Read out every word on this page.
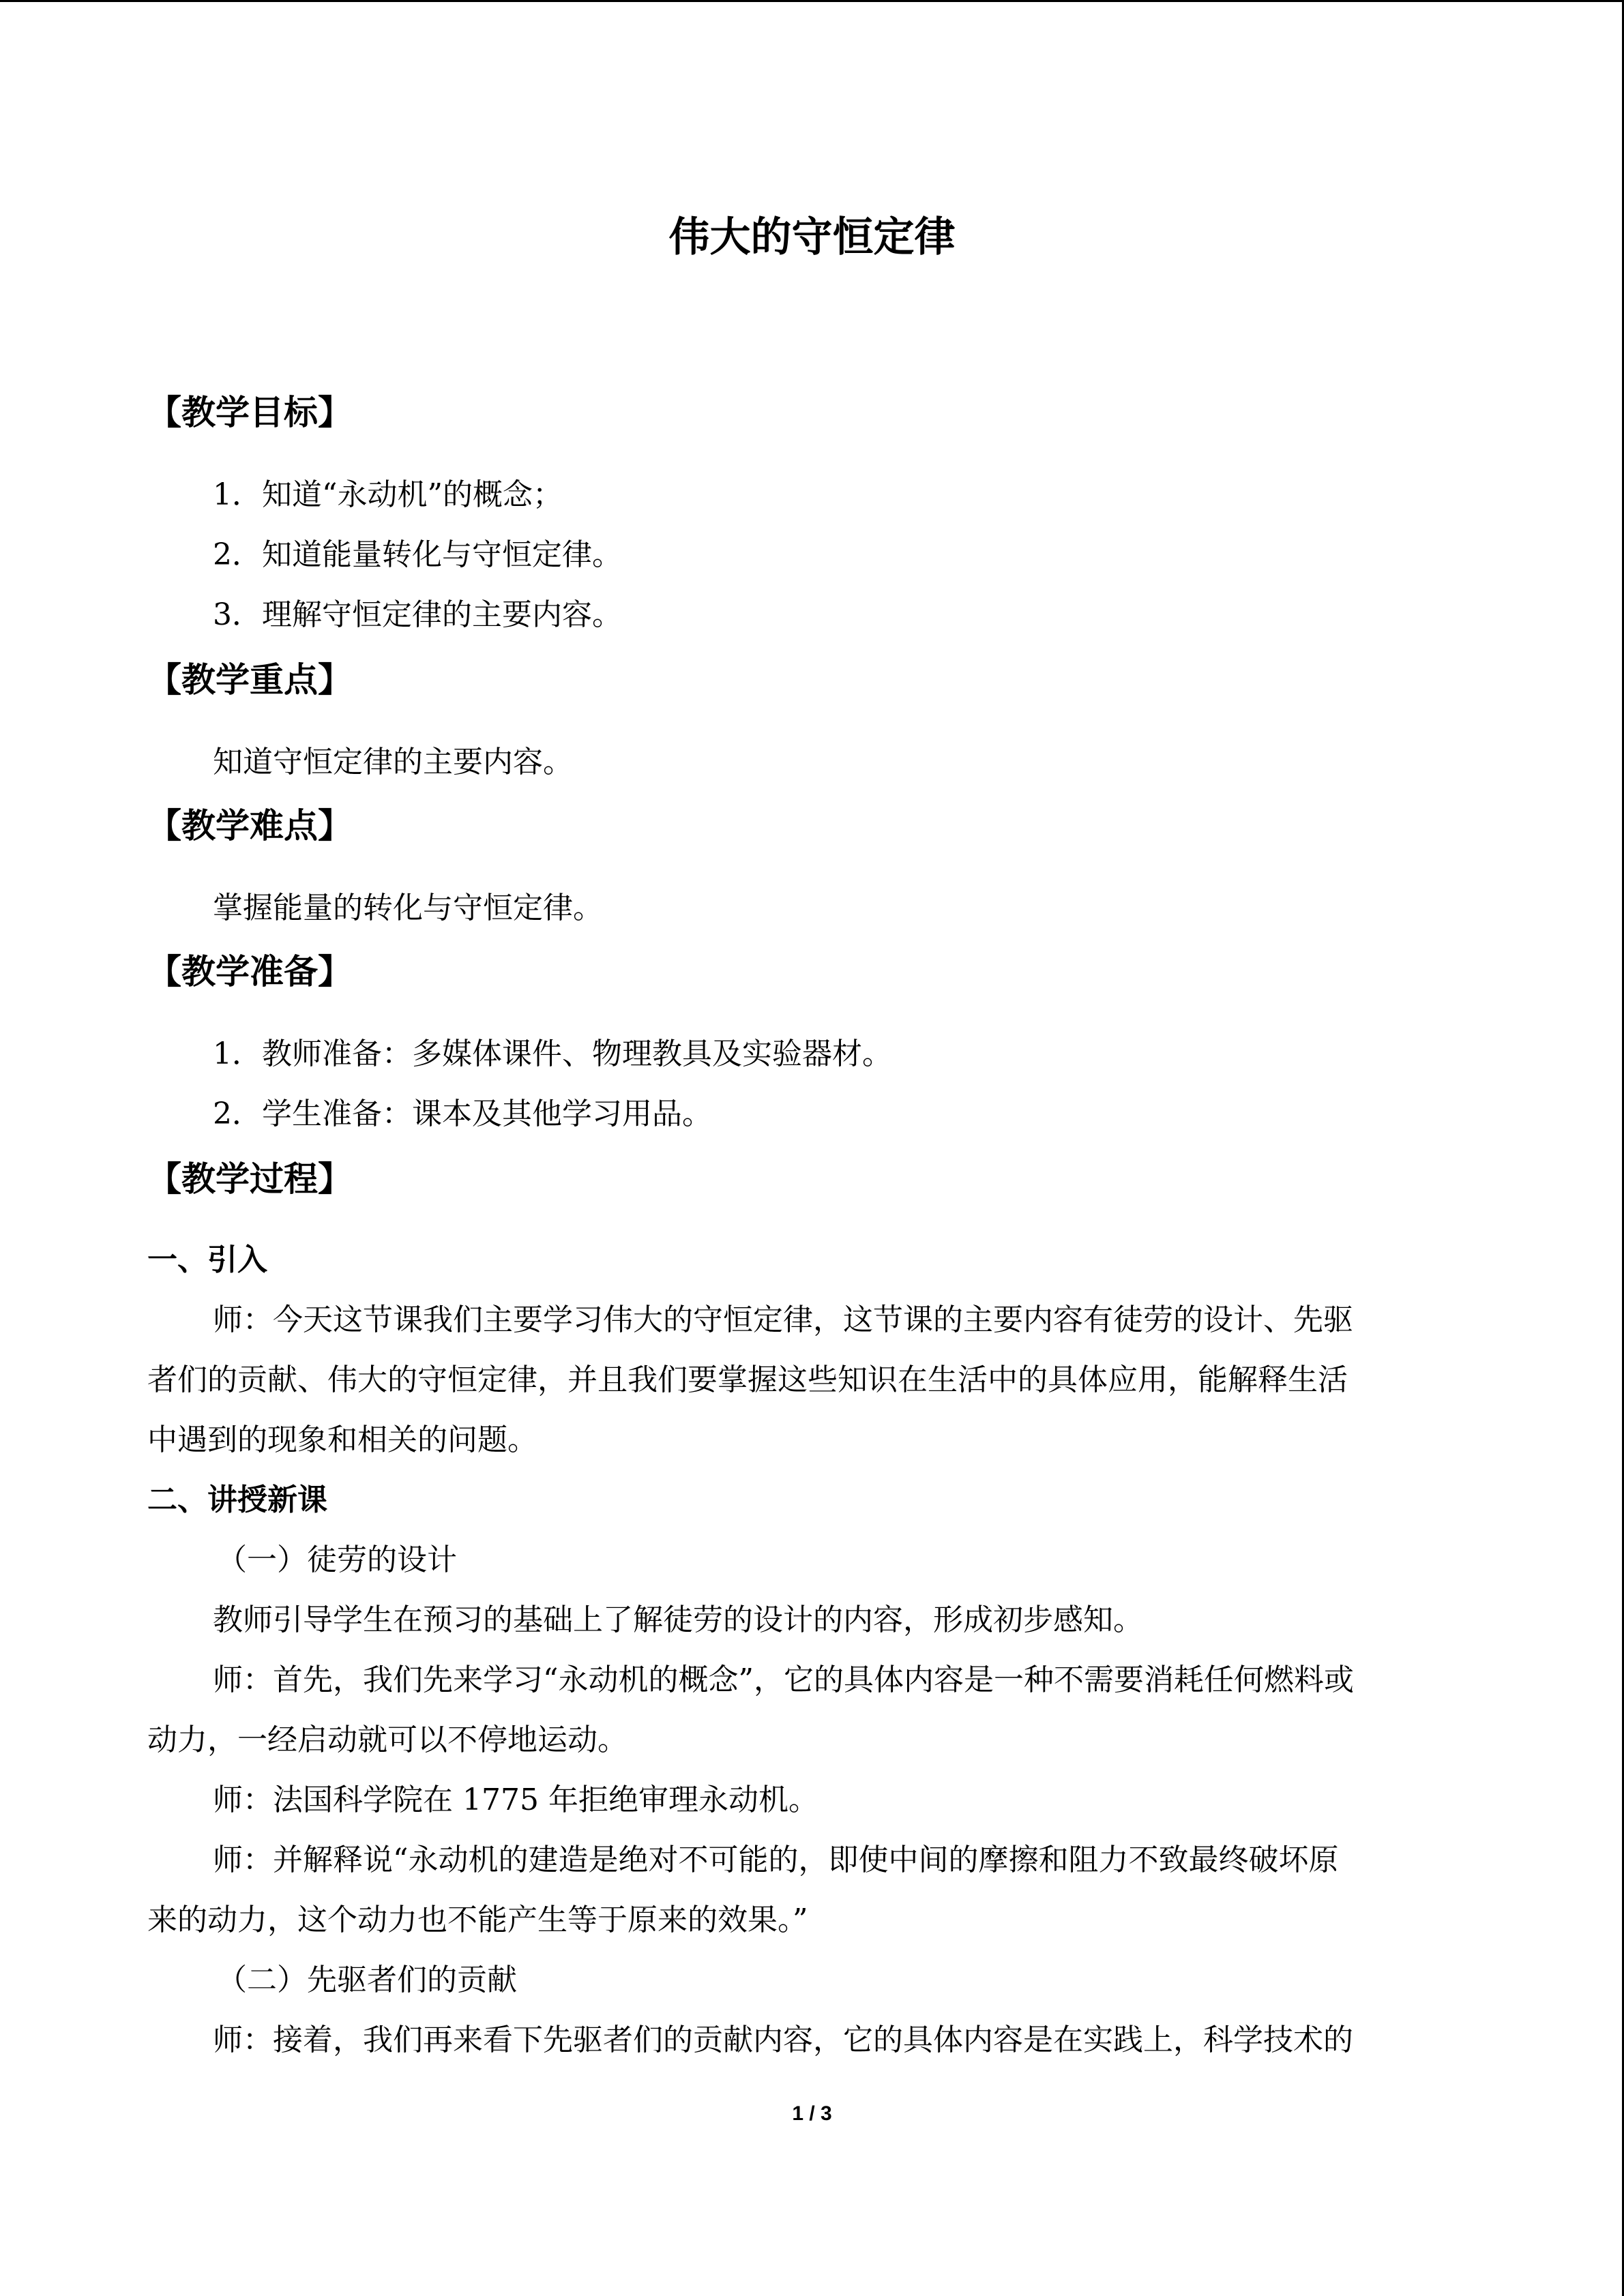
伟大的守恒定律
【教学目标】
1．知道“永动机”的概念；
2．知道能量转化与守恒定律。
3．理解守恒定律的主要内容。
【教学重点】
知道守恒定律的主要内容。
【教学难点】
掌握能量的转化与守恒定律。
【教学准备】
1．教师准备：多媒体课件、物理教具及实验器材。
2．学生准备：课本及其他学习用品。
【教学过程】
一、引入
师：今天这节课我们主要学习伟大的守恒定律，这节课的主要内容有徒劳的设计、先驱
者们的贡献、伟大的守恒定律，并且我们要掌握这些知识在生活中的具体应用，能解释生活
中遇到的现象和相关的问题。
二、讲授新课
（一）徒劳的设计
教师引导学生在预习的基础上了解徒劳的设计的内容，形成初步感知。
师：首先，我们先来学习“永动机的概念”，它的具体内容是一种不需要消耗任何燃料或
动力，一经启动就可以不停地运动。
师：法国科学院在 1775 年拒绝审理永动机。
师：并解释说“永动机的建造是绝对不可能的，即使中间的摩擦和阻力不致最终破坏原
来的动力，这个动力也不能产生等于原来的效果。”
（二）先驱者们的贡献
师：接着，我们再来看下先驱者们的贡献内容，它的具体内容是在实践上，科学技术的
1 / 3
